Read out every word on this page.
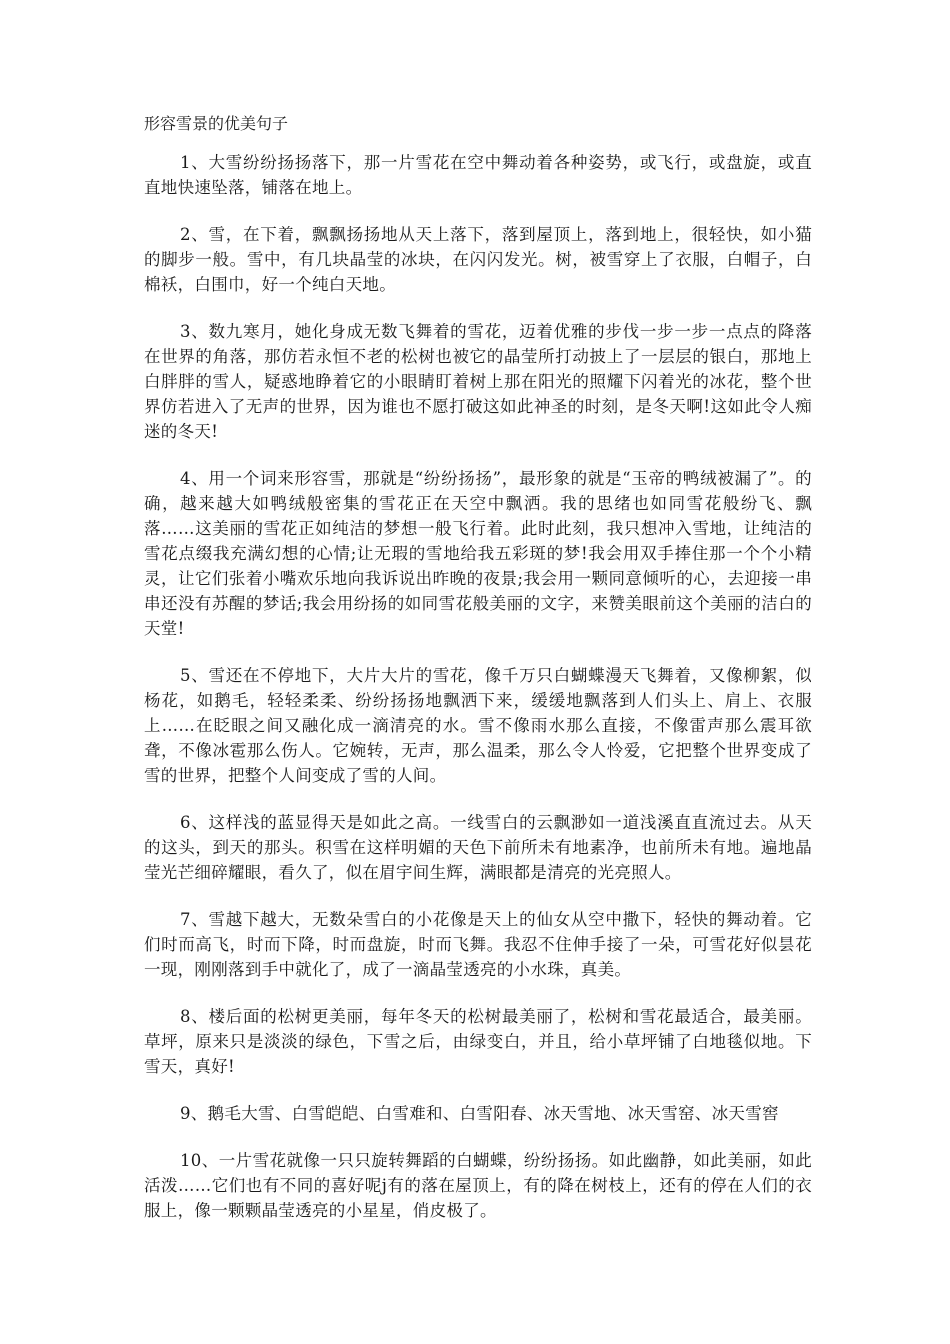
形容雪景的优美句子

1、大雪纷纷扬扬落下，那一片雪花在空中舞动着各种姿势，或飞行，或盘旋，或直直地快速坠落，铺落在地上。

2、雪，在下着，飘飘扬扬地从天上落下，落到屋顶上，落到地上，很轻快，如小猫的脚步一般。雪中，有几块晶莹的冰块，在闪闪发光。树，被雪穿上了衣服，白帽子，白棉袄，白围巾，好一个纯白天地。

3、数九寒月，她化身成无数飞舞着的雪花，迈着优雅的步伐一步一步一点点的降落在世界的角落，那仿若永恒不老的松树也被它的晶莹所打动披上了一层层的银白，那地上白胖胖的雪人，疑惑地睁着它的小眼睛盯着树上那在阳光的照耀下闪着光的冰花，整个世界仿若进入了无声的世界，因为谁也不愿打破这如此神圣的时刻，是冬天啊!这如此令人痴迷的冬天!

4、用一个词来形容雪，那就是“纷纷扬扬”，最形象的就是“玉帝的鸭绒被漏了”。的确，越来越大如鸭绒般密集的雪花正在天空中飘洒。我的思绪也如同雪花般纷飞、飘落……这美丽的雪花正如纯洁的梦想一般飞行着。此时此刻，我只想冲入雪地，让纯洁的雪花点缀我充满幻想的心情;让无瑕的雪地给我五彩斑的梦!我会用双手捧住那一个个小精灵，让它们张着小嘴欢乐地向我诉说出昨晚的夜景;我会用一颗同意倾听的心，去迎接一串串还没有苏醒的梦话;我会用纷扬的如同雪花般美丽的文字，来赞美眼前这个美丽的洁白的天堂!

5、雪还在不停地下，大片大片的雪花，像千万只白蝴蝶漫天飞舞着，又像柳絮，似杨花，如鹅毛，轻轻柔柔、纷纷扬扬地飘洒下来，缓缓地飘落到人们头上、肩上、衣服上……在眨眼之间又融化成一滴清亮的水。雪不像雨水那么直接，不像雷声那么震耳欲聋，不像冰雹那么伤人。它婉转，无声，那么温柔，那么令人怜爱，它把整个世界变成了雪的世界，把整个人间变成了雪的人间。

6、这样浅的蓝显得天是如此之高。一线雪白的云飘渺如一道浅溪直直流过去。从天的这头，到天的那头。积雪在这样明媚的天色下前所未有地素净，也前所未有地。遍地晶莹光芒细碎耀眼，看久了，似在眉宇间生辉，满眼都是清亮的光亮照人。

7、雪越下越大，无数朵雪白的小花像是天上的仙女从空中撒下，轻快的舞动着。它们时而高飞，时而下降，时而盘旋，时而飞舞。我忍不住伸手接了一朵，可雪花好似昙花一现，刚刚落到手中就化了，成了一滴晶莹透亮的小水珠，真美。

8、楼后面的松树更美丽，每年冬天的松树最美丽了，松树和雪花最适合，最美丽。草坪，原来只是淡淡的绿色，下雪之后，由绿变白，并且，给小草坪铺了白地毯似地。下雪天，真好!

9、鹅毛大雪、白雪皑皑、白雪难和、白雪阳春、冰天雪地、冰天雪窑、冰天雪窖

10、一片雪花就像一只只旋转舞蹈的白蝴蝶，纷纷扬扬。如此幽静，如此美丽，如此活泼……它们也有不同的喜好呢j有的落在屋顶上，有的降在树枝上，还有的停在人们的衣服上，像一颗颗晶莹透亮的小星星，俏皮极了。
